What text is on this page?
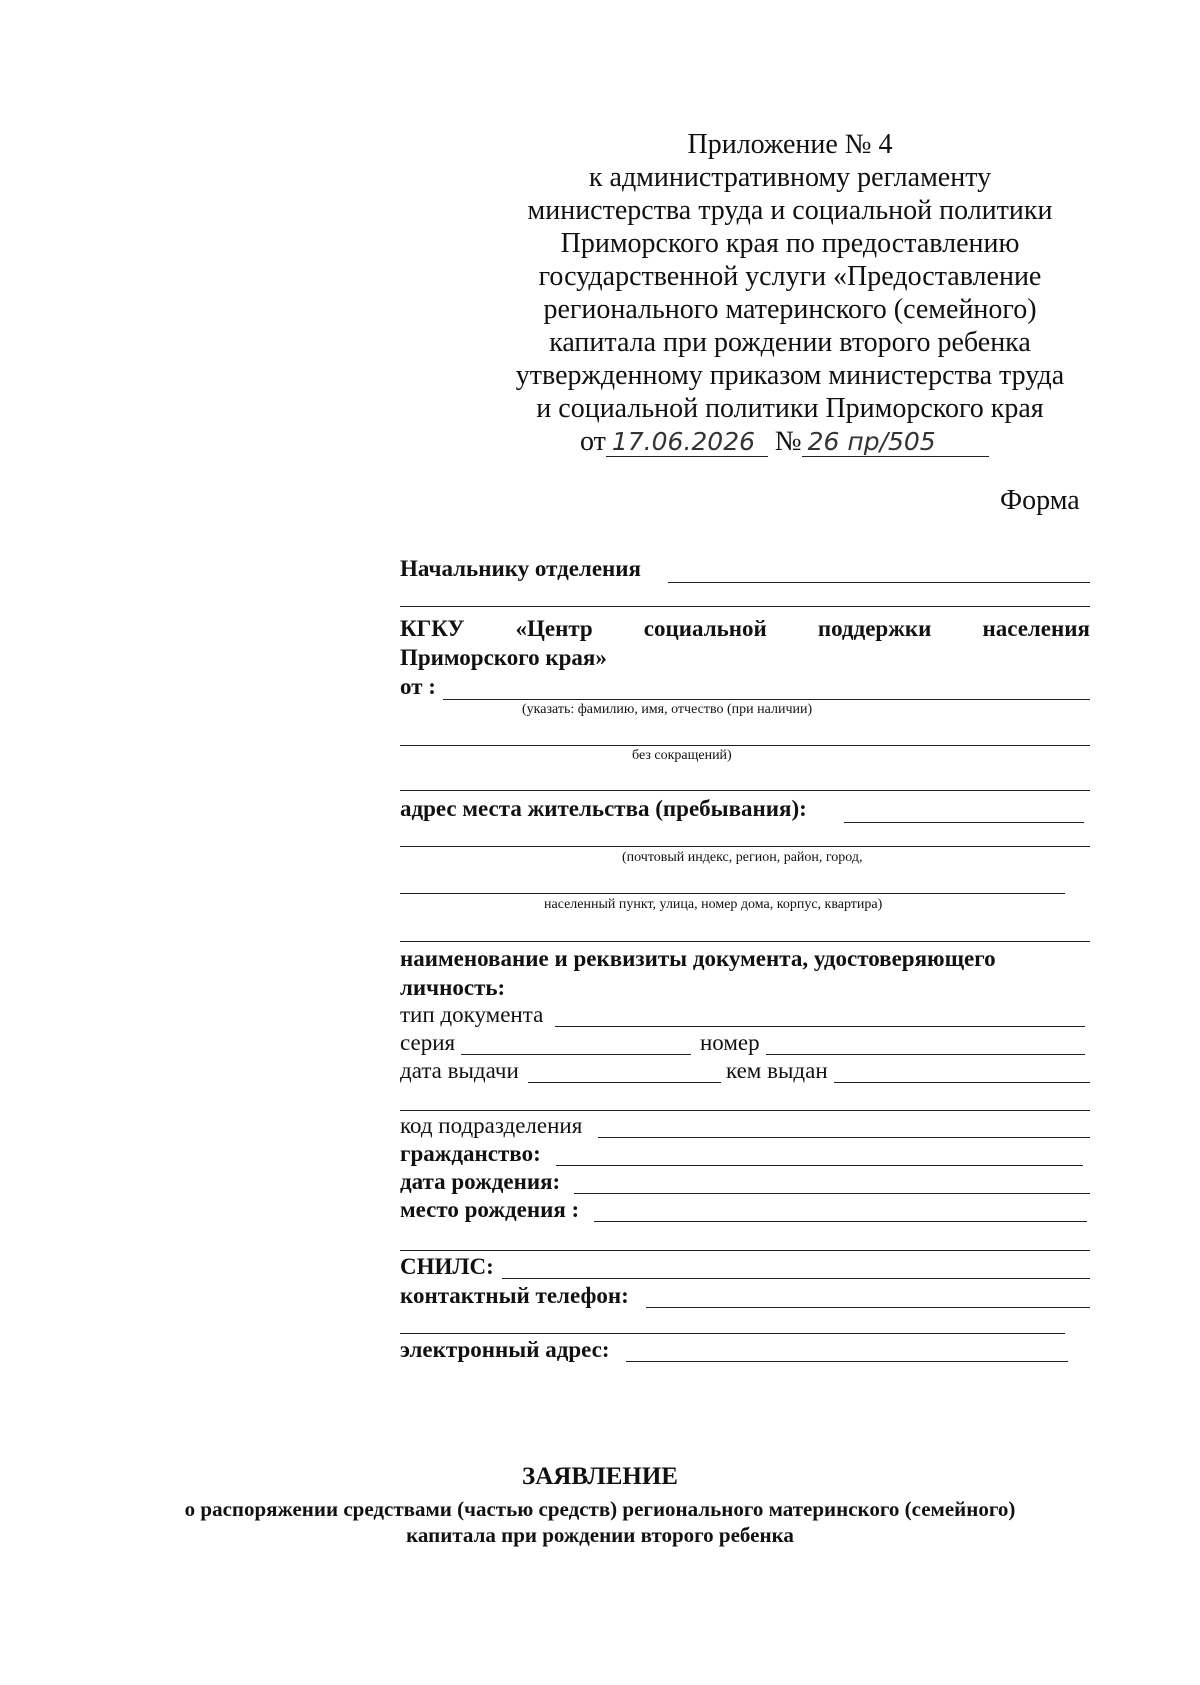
Приложение № 4
к административному регламенту
министерства труда и социальной политики
Приморского края по предоставлению
государственной услуги «Предоставление
регионального материнского (семейного)
капитала при рождении второго ребенка
утвержденному приказом министерства труда
и социальной политики Приморского края
от 17.06.2026 № 26 пр/505
Форма
Начальнику отделения
КГКУ «Центр социальной поддержки населения
Приморского края»
от :
(указать: фамилию, имя, отчество (при наличии)
без сокращений)
адрес места жительства (пребывания):
(почтовый индекс, регион, район, город,
населенный пункт, улица, номер дома, корпус, квартира)
наименование и реквизиты документа, удостоверяющего
личность:
тип документа
серия	номер
дата выдачи	кем выдан
код подразделения
гражданство:
дата рождения:
место рождения :
СНИЛС:
контактный телефон:
электронный адрес:
ЗАЯВЛЕНИЕ
о распоряжении средствами (частью средств) регионального материнского (семейного)
капитала при рождении второго ребенка
